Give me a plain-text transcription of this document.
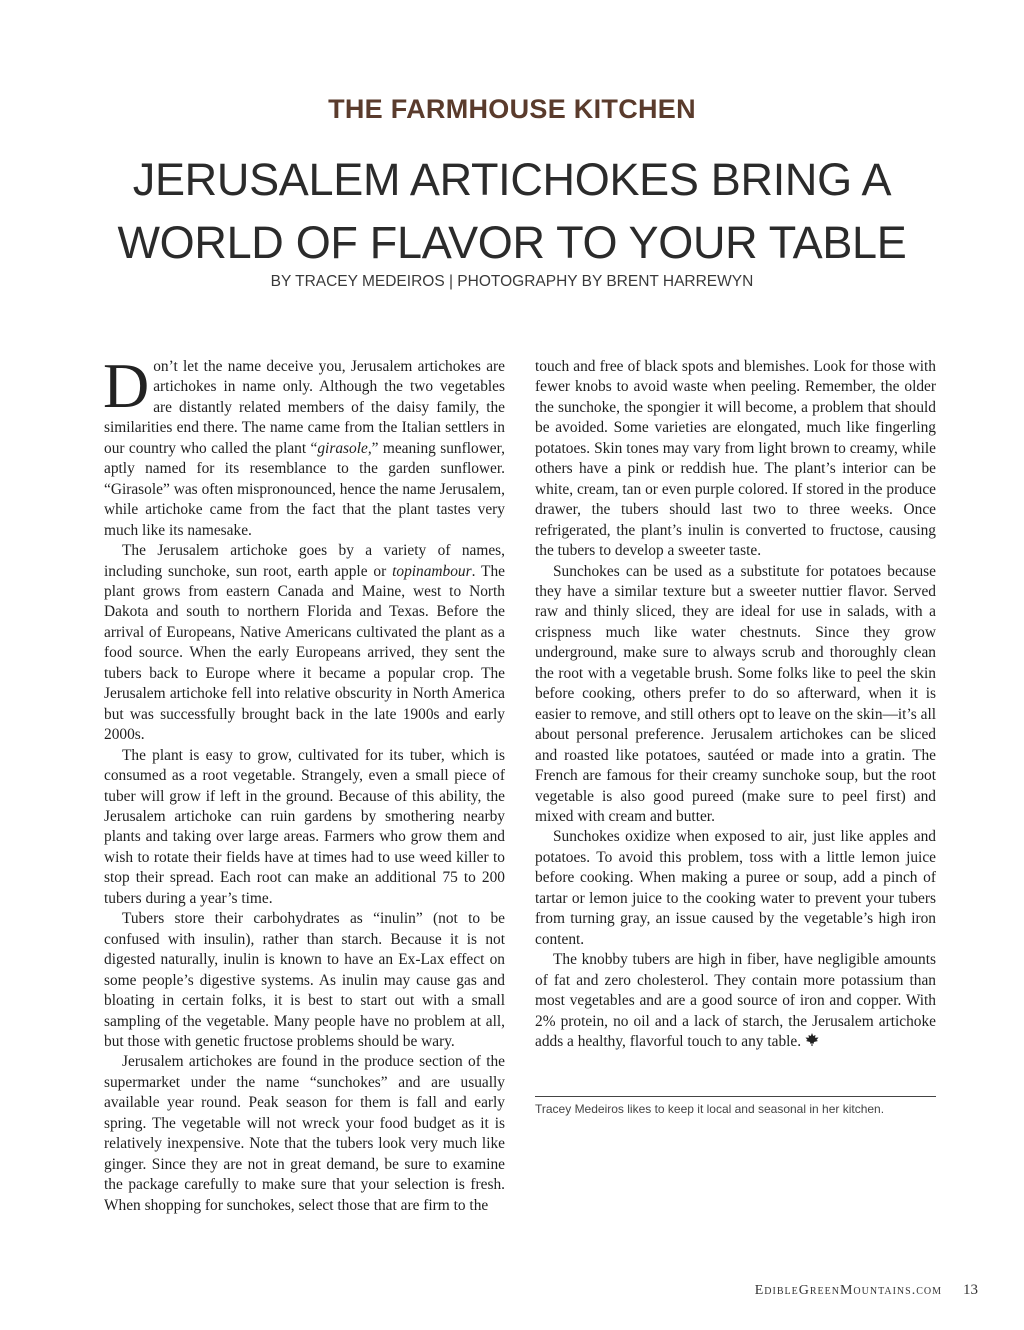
THE FARMHOUSE KITCHEN
JERUSALEM ARTICHOKES BRING A WORLD OF FLAVOR TO YOUR TABLE

BY TRACEY MEDEIROS | PHOTOGRAPHY BY BRENT HARREWYN

Don’t let the name deceive you, Jerusalem artichokes are artichokes in name only. Although the two vegetables are distantly related members of the daisy family, the similarities end there. The name came from the Italian settlers in our country who called the plant “girasole,” meaning sunflower, aptly named for its resemblance to the garden sunflower. “Girasole” was often mispronounced, hence the name Jerusalem, while artichoke came from the fact that the plant tastes very much like its namesake.

The Jerusalem artichoke goes by a variety of names, including sunchoke, sun root, earth apple or topinambour. The plant grows from eastern Canada and Maine, west to North Dakota and south to northern Florida and Texas. Before the arrival of Europeans, Native Americans cultivated the plant as a food source. When the early Europeans arrived, they sent the tubers back to Europe where it became a popular crop. The Jerusalem artichoke fell into relative obscurity in North America but was successfully brought back in the late 1900s and early 2000s.

The plant is easy to grow, cultivated for its tuber, which is consumed as a root vegetable. Strangely, even a small piece of tuber will grow if left in the ground. Because of this ability, the Jerusalem artichoke can ruin gardens by smothering nearby plants and taking over large areas. Farmers who grow them and wish to rotate their fields have at times had to use weed killer to stop their spread. Each root can make an additional 75 to 200 tubers during a year’s time.

Tubers store their carbohydrates as “inulin” (not to be confused with insulin), rather than starch. Because it is not digested naturally, inulin is known to have an Ex-Lax effect on some people’s digestive systems. As inulin may cause gas and bloating in certain folks, it is best to start out with a small sampling of the vegetable. Many people have no problem at all, but those with genetic fructose problems should be wary.

Jerusalem artichokes are found in the produce section of the supermarket under the name “sunchokes” and are usually available year round. Peak season for them is fall and early spring. The vegetable will not wreck your food budget as it is relatively inexpensive. Note that the tubers look very much like ginger. Since they are not in great demand, be sure to examine the package carefully to make sure that your selection is fresh. When shopping for sunchokes, select those that are firm to the

touch and free of black spots and blemishes. Look for those with fewer knobs to avoid waste when peeling. Remember, the older the sunchoke, the spongier it will become, a problem that should be avoided. Some varieties are elongated, much like fingerling potatoes. Skin tones may vary from light brown to creamy, while others have a pink or reddish hue. The plant’s interior can be white, cream, tan or even purple colored. If stored in the produce drawer, the tubers should last two to three weeks. Once refrigerated, the plant’s inulin is converted to fructose, causing the tubers to develop a sweeter taste.

Sunchokes can be used as a substitute for potatoes because they have a similar texture but a sweeter nuttier flavor. Served raw and thinly sliced, they are ideal for use in salads, with a crispness much like water chestnuts. Since they grow underground, make sure to always scrub and thoroughly clean the root with a vegetable brush. Some folks like to peel the skin before cooking, others prefer to do so afterward, when it is easier to remove, and still others opt to leave on the skin—it’s all about personal preference. Jerusalem artichokes can be sliced and roasted like potatoes, sautéed or made into a gratin. The French are famous for their creamy sunchoke soup, but the root vegetable is also good pureed (make sure to peel first) and mixed with cream and butter.

Sunchokes oxidize when exposed to air, just like apples and potatoes. To avoid this problem, toss with a little lemon juice before cooking. When making a puree or soup, add a pinch of tartar or lemon juice to the cooking water to prevent your tubers from turning gray, an issue caused by the vegetable’s high iron content.

The knobby tubers are high in fiber, have negligible amounts of fat and zero cholesterol. They contain more potassium than most vegetables and are a good source of iron and copper. With 2% protein, no oil and a lack of starch, the Jerusalem artichoke adds a healthy, flavorful touch to any table.

Tracey Medeiros likes to keep it local and seasonal in her kitchen.

EdibleGreenMountains.com 13
